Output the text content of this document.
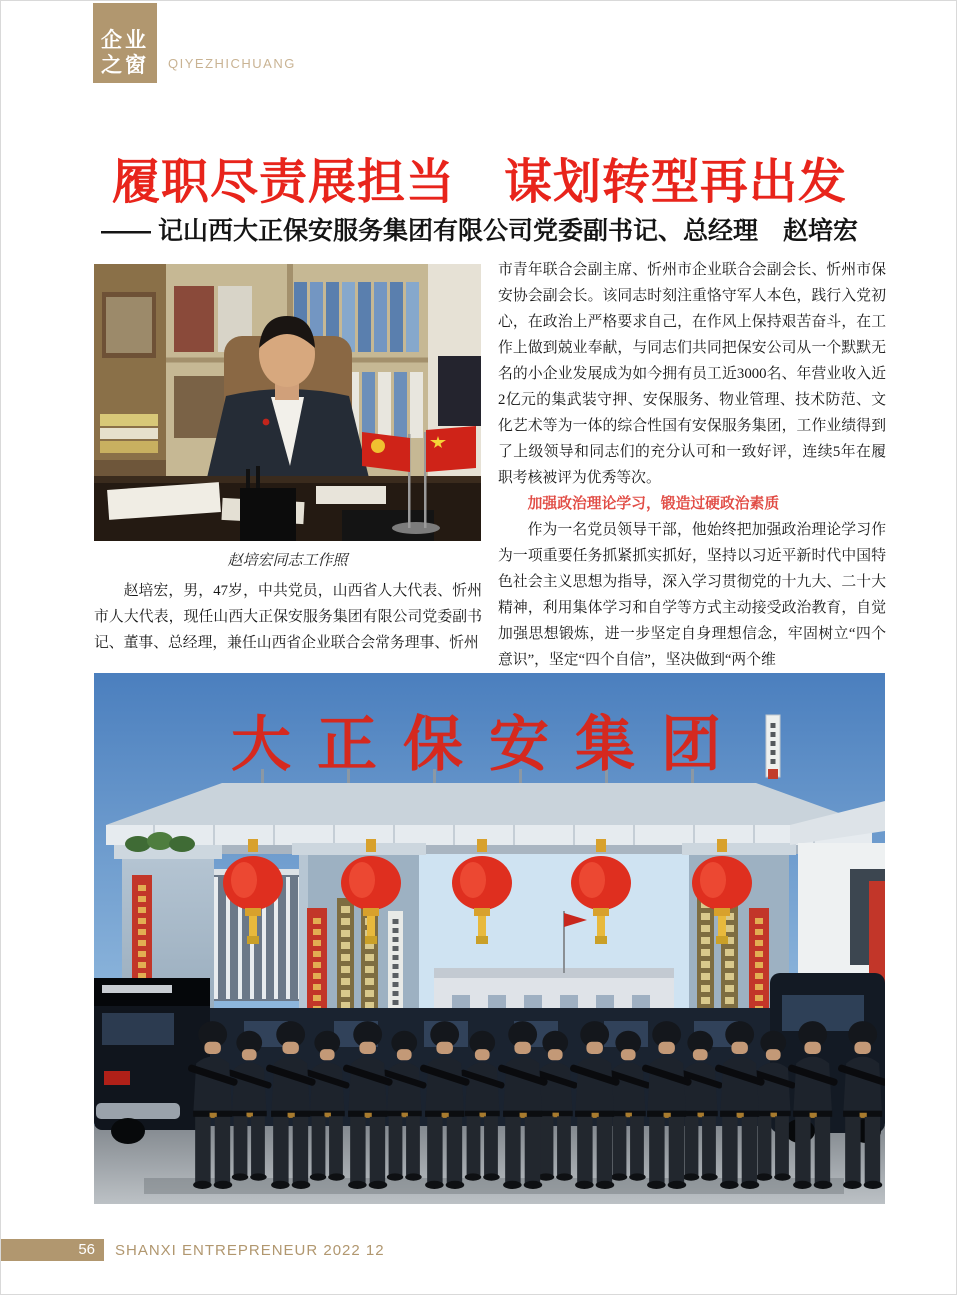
企业
之窗	QIYEZHICHUANG
履职尽责展担当　谋划转型再出发
—— 记山西大正保安服务集团有限公司党委副书记、总经理　赵培宏
赵培宏同志工作照
赵培宏，男，47岁，中共党员，山西省人大代表、忻州市人大代表，现任山西大正保安服务集团有限公司党委副书记、董事、总经理，兼任山西省企业联合会常务理事、忻州

市青年联合会副主席、忻州市企业联合会副会长、忻州市保安协会副会长。该同志时刻注重恪守军人本色，践行入党初心，在政治上严格要求自己，在作风上保持艰苦奋斗，在工作上做到兢业奉献，与同志们共同把保安公司从一个默默无名的小企业发展成为如今拥有员工近3000名、年营业收入近2亿元的集武装守押、安保服务、物业管理、技术防范、文化艺术等为一体的综合性国有安保服务集团，工作业绩得到了上级领导和同志们的充分认可和一致好评，连续5年在履职考核被评为优秀等次。

加强政治理论学习，锻造过硬政治素质

作为一名党员领导干部，他始终把加强政治理论学习作为一项重要任务抓紧抓实抓好，坚持以习近平新时代中国特色社会主义思想为指导，深入学习贯彻党的十九大、二十大精神，利用集体学习和自学等方式主动接受政治教育，自觉加强思想锻炼，进一步坚定自身理想信念，牢固树立“四个意识”，坚定“四个自信”，坚决做到“两个维

大正保安集团
56	SHANXI ENTREPRENEUR 2022 12
